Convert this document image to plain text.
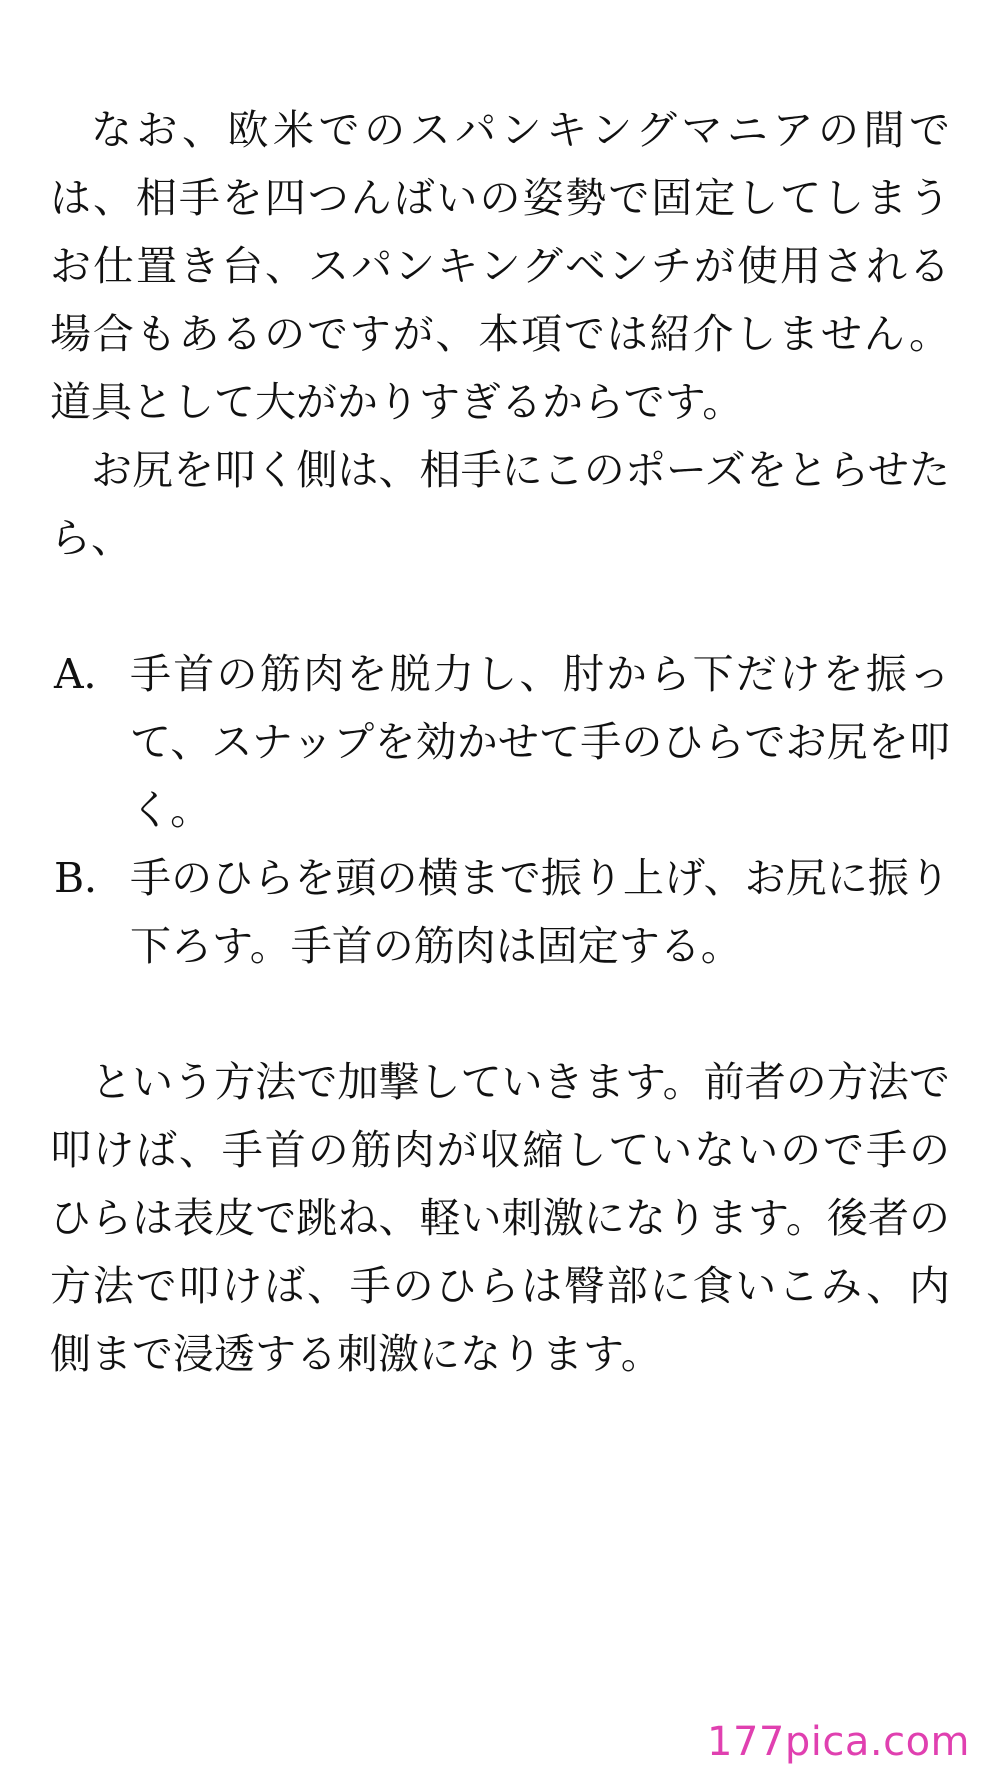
なお、欧米でのスパンキングマニアの間では、相手を四つんばいの姿勢で固定してしまうお仕置き台、スパンキングベンチが使用される場合もあるのですが、本項では紹介しません。道具として大がかりすぎるからです。

お尻を叩く側は、相手にこのポーズをとらせたら、

A． 手首の筋肉を脱力し、肘から下だけを振って、スナップを効かせて手のひらでお尻を叩く。
B． 手のひらを頭の横まで振り上げ、お尻に振り下ろす。手首の筋肉は固定する。

という方法で加撃していきます。前者の方法で叩けば、手首の筋肉が収縮していないので手のひらは表皮で跳ね、軽い刺激になります。後者の方法で叩けば、手のひらは臀部に食いこみ、内側まで浸透する刺激になります。

177pica.com
